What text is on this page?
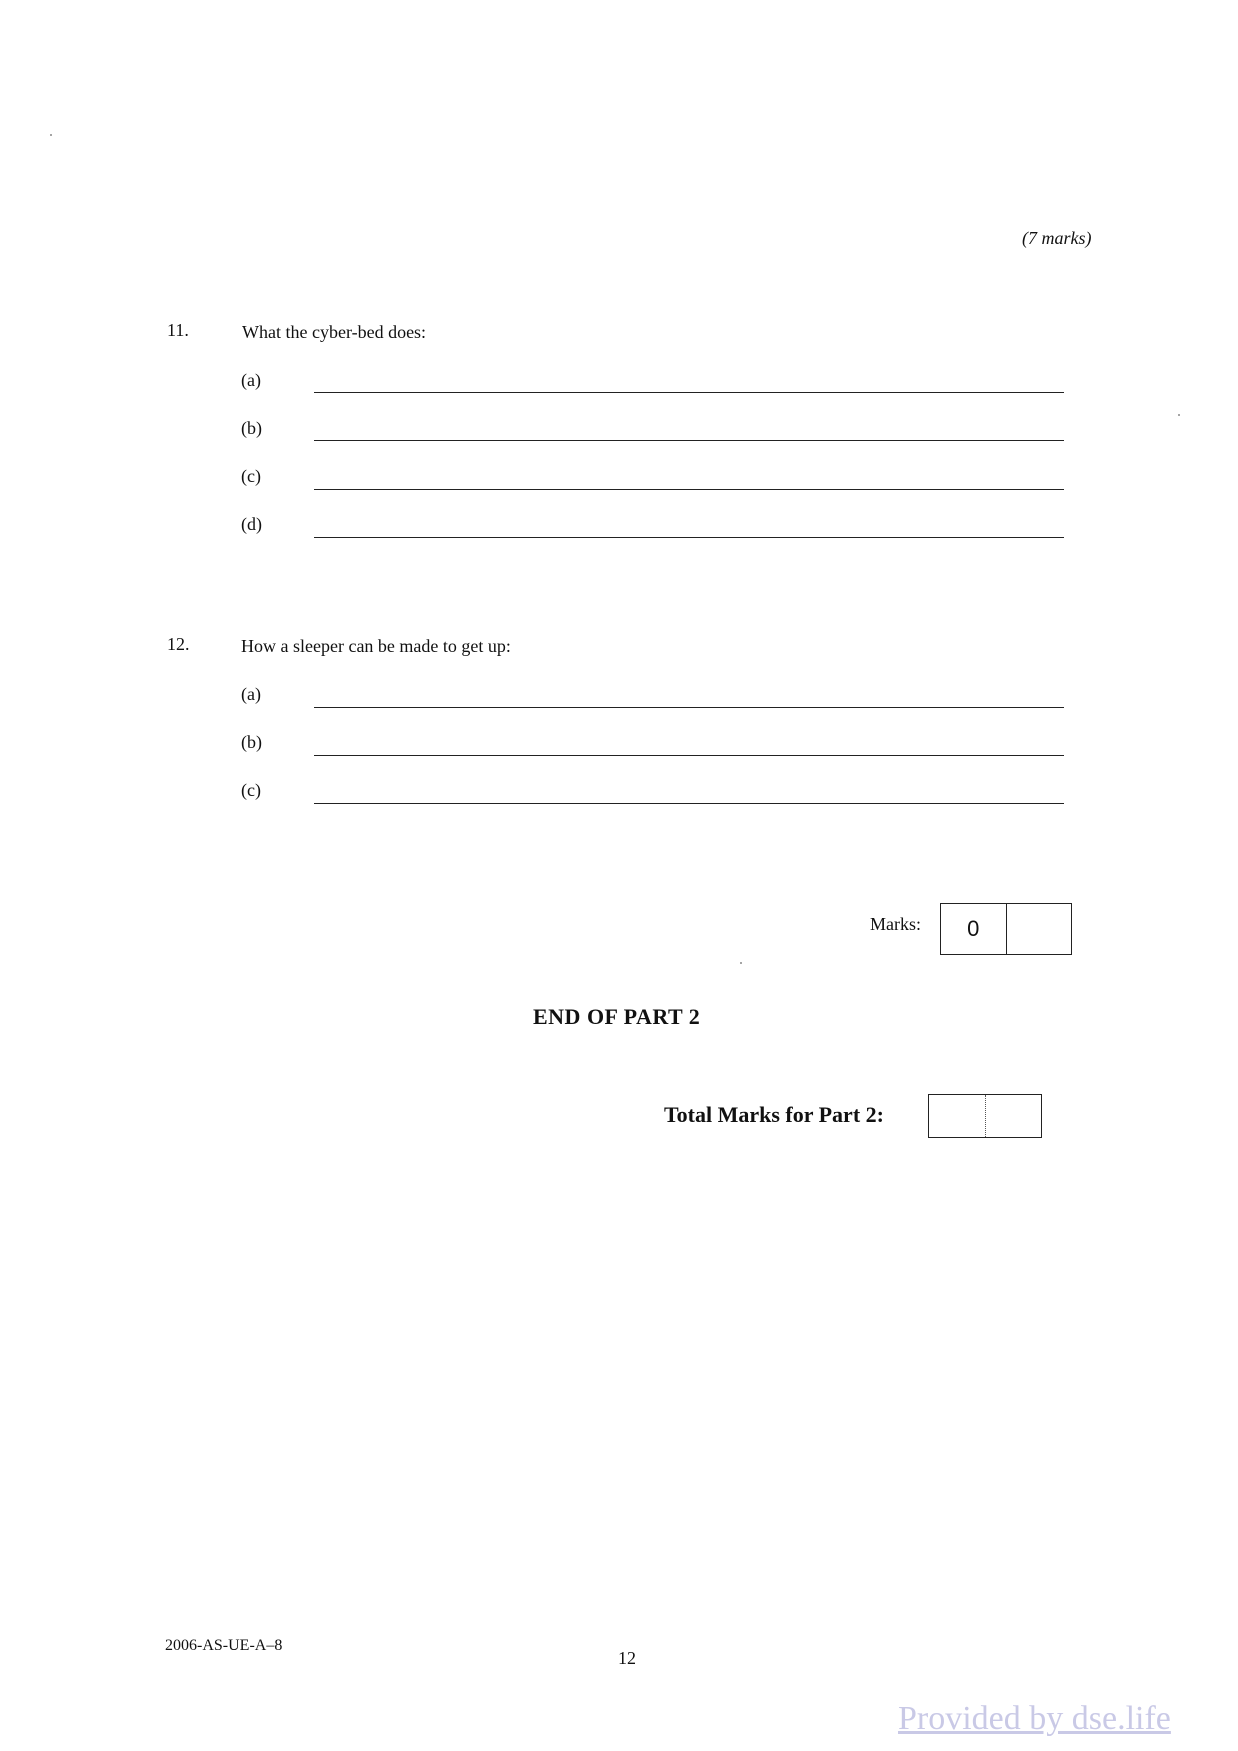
(7 marks)
11.	What the cyber-bed does:
(a)
(b)
(c)
(d)
12.	How a sleeper can be made to get up:
(a)
(b)
(c)
Marks:	0
END OF PART 2
Total Marks for Part 2:
2006-AS-UE-A–8
12
Provided by dse.life
